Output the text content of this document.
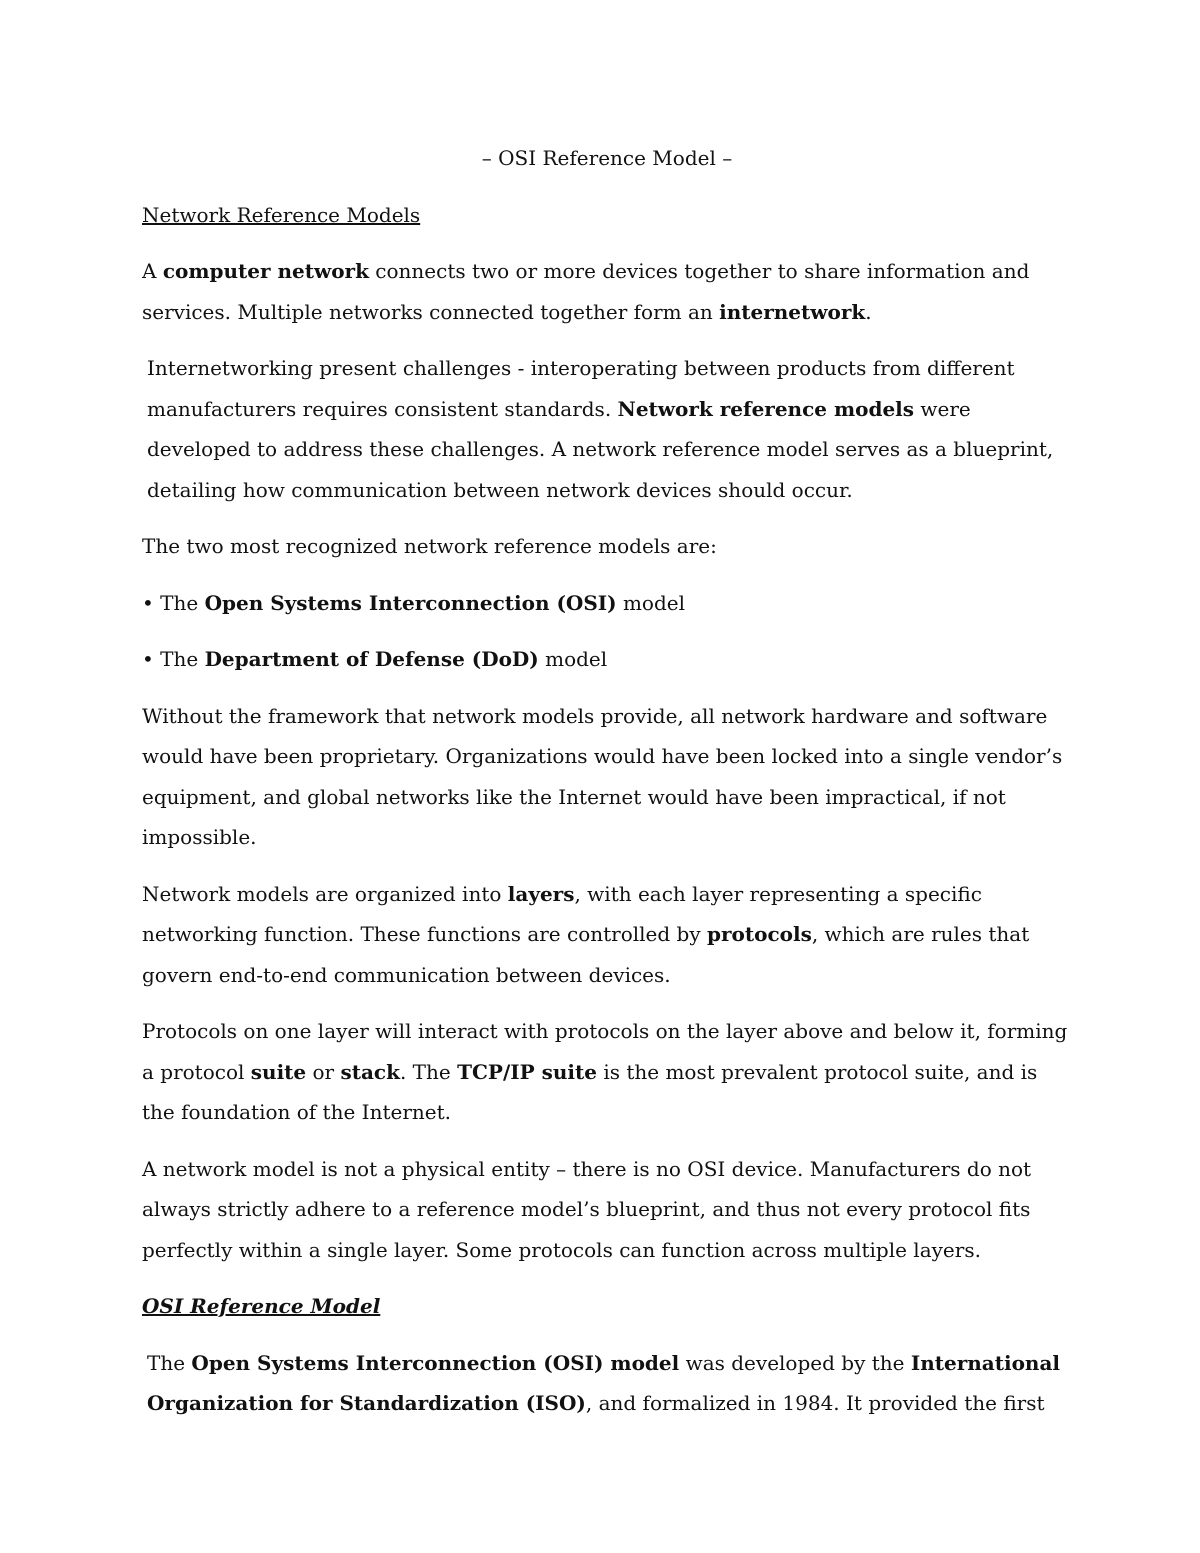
– OSI Reference Model –

Network Reference Models

A computer network connects two or more devices together to share information and services. Multiple networks connected together form an internetwork.

Internetworking present challenges - interoperating between products from different manufacturers requires consistent standards. Network reference models were developed to address these challenges. A network reference model serves as a blueprint, detailing how communication between network devices should occur.

The two most recognized network reference models are:

• The Open Systems Interconnection (OSI) model

• The Department of Defense (DoD) model

Without the framework that network models provide, all network hardware and software would have been proprietary. Organizations would have been locked into a single vendor’s equipment, and global networks like the Internet would have been impractical, if not impossible.

Network models are organized into layers, with each layer representing a specific networking function. These functions are controlled by protocols, which are rules that govern end-to-end communication between devices.

Protocols on one layer will interact with protocols on the layer above and below it, forming a protocol suite or stack. The TCP/IP suite is the most prevalent protocol suite, and is the foundation of the Internet.

A network model is not a physical entity – there is no OSI device. Manufacturers do not always strictly adhere to a reference model’s blueprint, and thus not every protocol fits perfectly within a single layer. Some protocols can function across multiple layers.

OSI Reference Model

The Open Systems Interconnection (OSI) model was developed by the International Organization for Standardization (ISO), and formalized in 1984. It provided the first
